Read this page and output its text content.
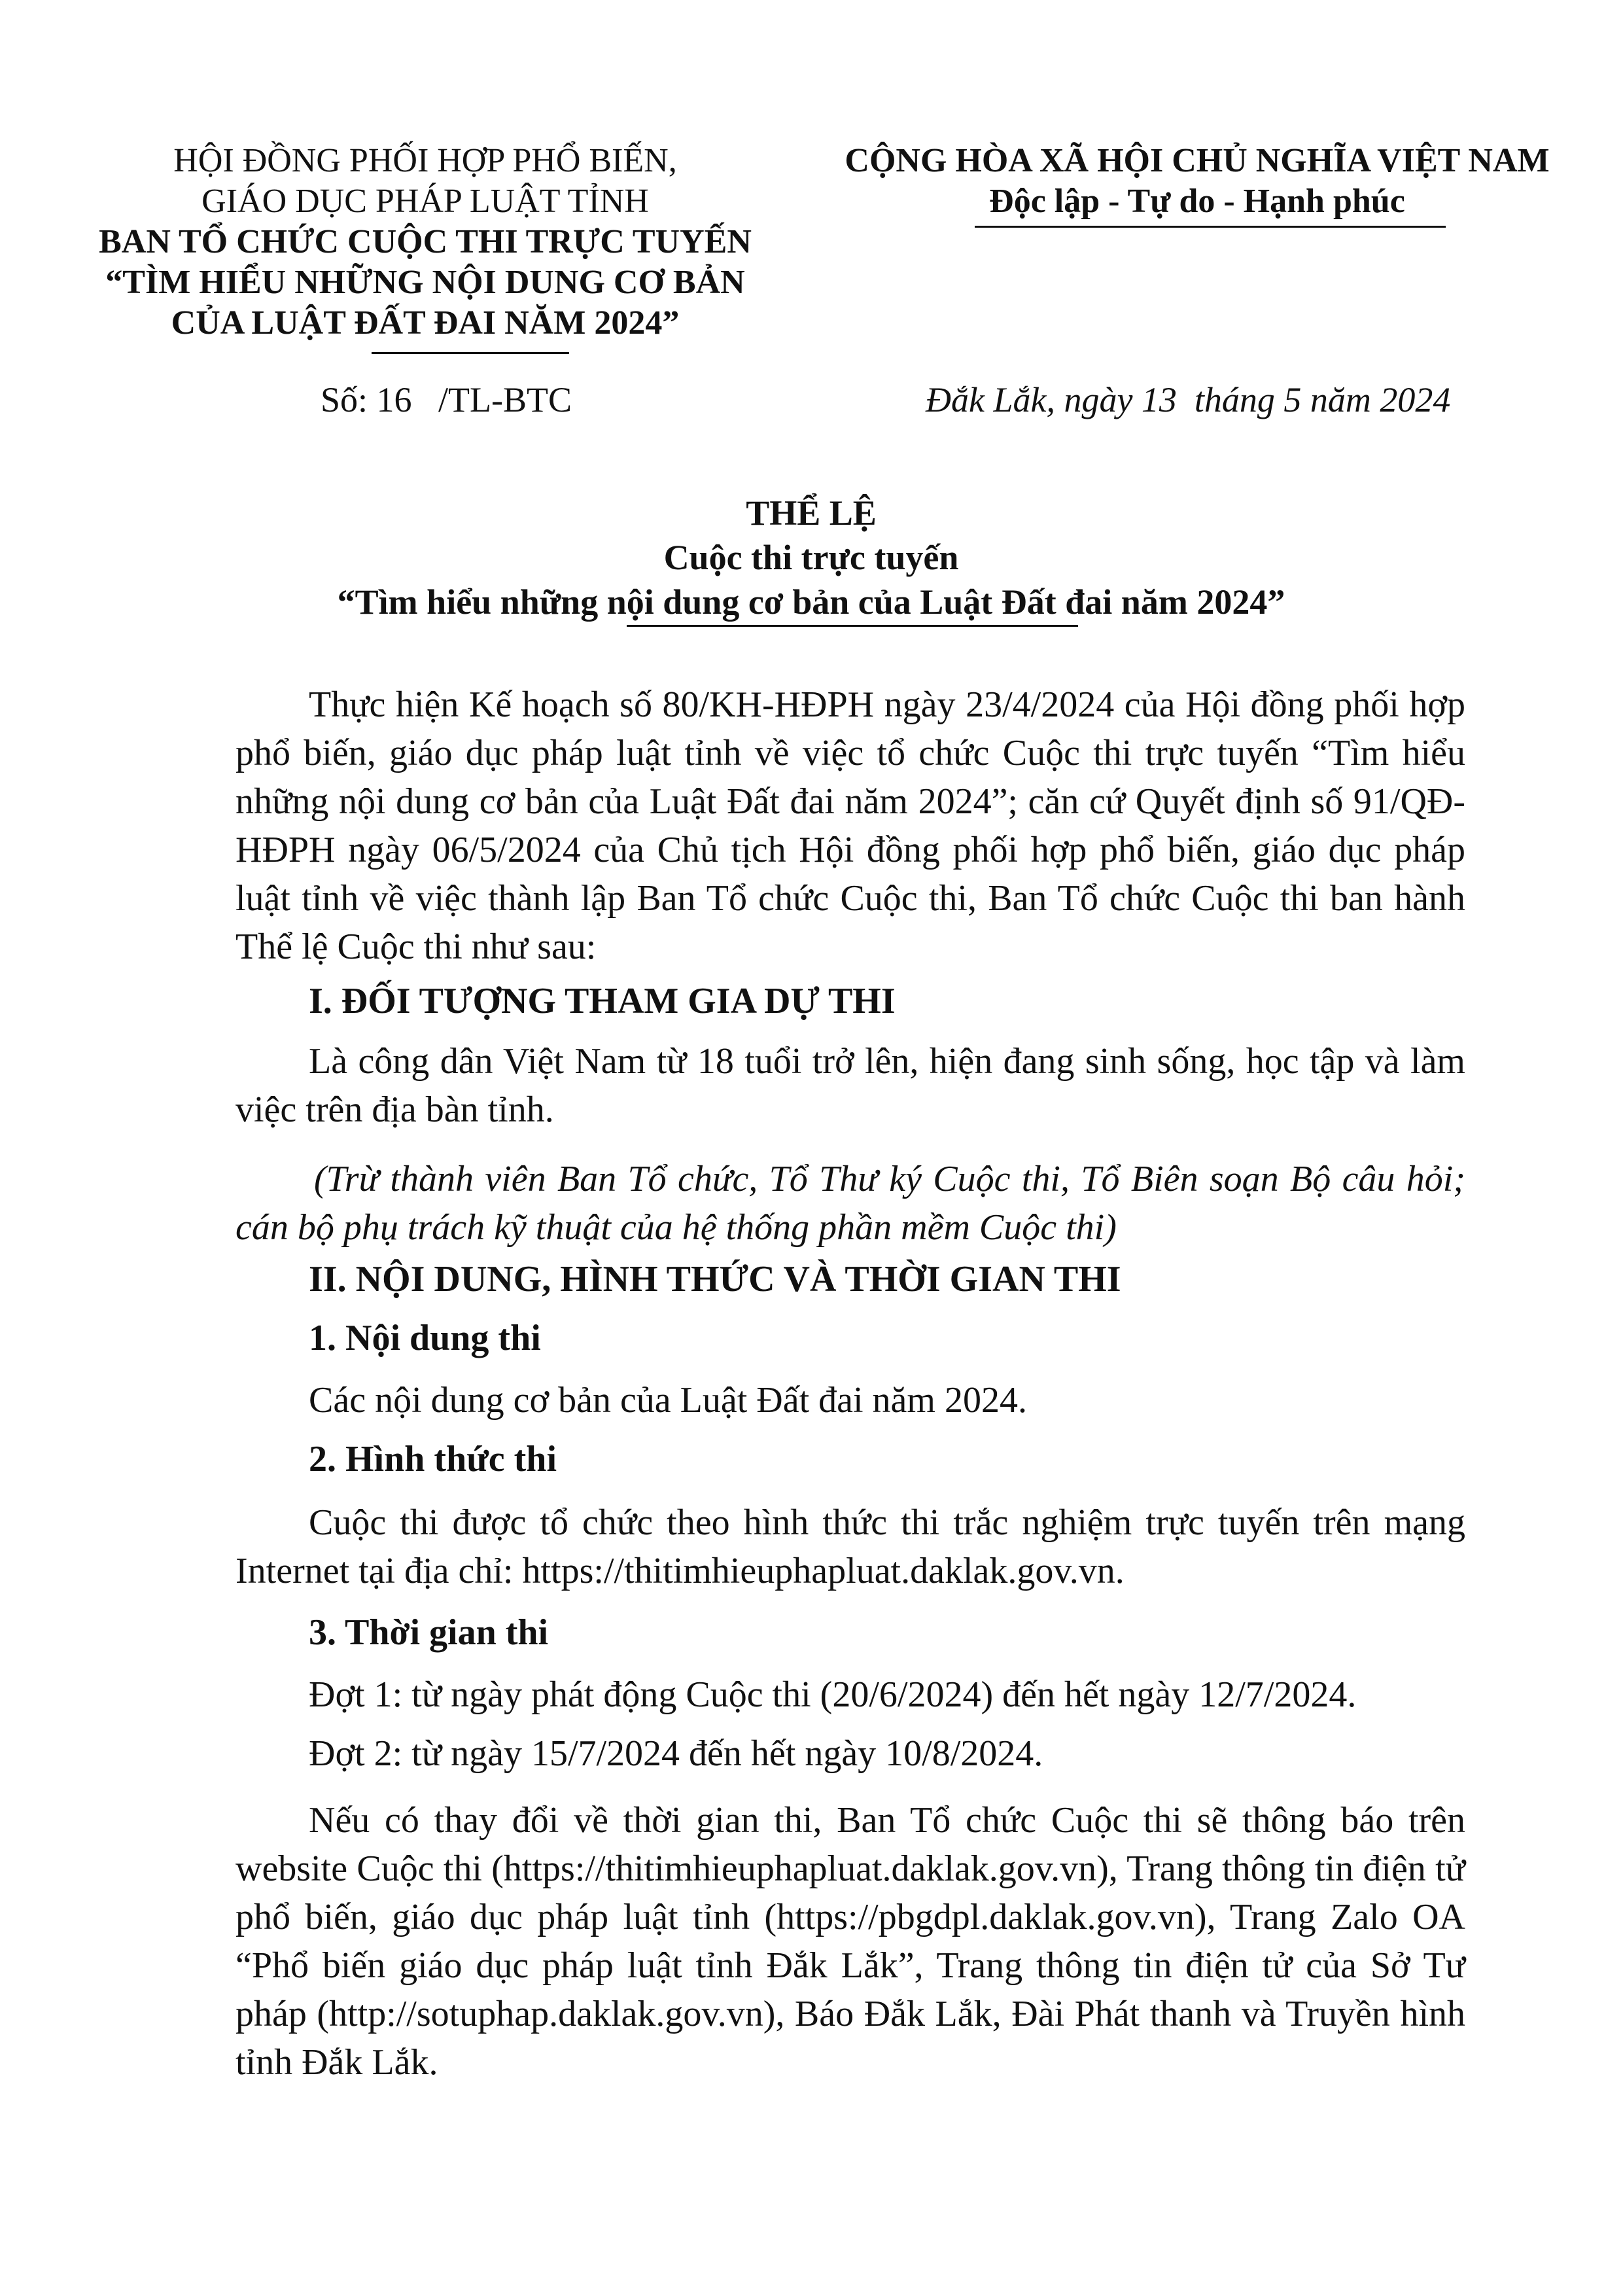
HỘI ĐỒNG PHỐI HỢP PHỔ BIẾN,
GIÁO DỤC PHÁP LUẬT TỈNH
BAN TỔ CHỨC CUỘC THI TRỰC TUYẾN
“TÌM HIỂU NHỮNG NỘI DUNG CƠ BẢN
CỦA LUẬT ĐẤT ĐAI NĂM 2024”
CỘNG HÒA XÃ HỘI CHỦ NGHĨA VIỆT NAM
Độc lập - Tự do - Hạnh phúc
Số: 16   /TL-BTC	Đắk Lắk, ngày 13  tháng 5 năm 2024
THỂ LỆ
Cuộc thi trực tuyến
“Tìm hiểu những nội dung cơ bản của Luật Đất đai năm 2024”
Thực hiện Kế hoạch số 80/KH-HĐPH ngày 23/4/2024 của Hội đồng phối hợp phổ biến, giáo dục pháp luật tỉnh về việc tổ chức Cuộc thi trực tuyến “Tìm hiểu những nội dung cơ bản của Luật Đất đai năm 2024”; căn cứ Quyết định số 91/QĐ-HĐPH ngày 06/5/2024 của Chủ tịch Hội đồng phối hợp phổ biến, giáo dục pháp luật tỉnh về việc thành lập Ban Tổ chức Cuộc thi, Ban Tổ chức Cuộc thi ban hành Thể lệ Cuộc thi như sau:
I. ĐỐI TƯỢNG THAM GIA DỰ THI
Là công dân Việt Nam từ 18 tuổi trở lên, hiện đang sinh sống, học tập và làm việc trên địa bàn tỉnh.
(Trừ thành viên Ban Tổ chức, Tổ Thư ký Cuộc thi, Tổ Biên soạn Bộ câu hỏi; cán bộ phụ trách kỹ thuật của hệ thống phần mềm Cuộc thi)
II. NỘI DUNG, HÌNH THỨC VÀ THỜI GIAN THI
1. Nội dung thi
Các nội dung cơ bản của Luật Đất đai năm 2024.
2. Hình thức thi
Cuộc thi được tổ chức theo hình thức thi trắc nghiệm trực tuyến trên mạng Internet tại địa chỉ: https://thitimhieuphapluat.daklak.gov.vn.
3. Thời gian thi
Đợt 1: từ ngày phát động Cuộc thi (20/6/2024) đến hết ngày 12/7/2024.
Đợt 2: từ ngày 15/7/2024 đến hết ngày 10/8/2024.
Nếu có thay đổi về thời gian thi, Ban Tổ chức Cuộc thi sẽ thông báo trên website Cuộc thi (https://thitimhieuphapluat.daklak.gov.vn), Trang thông tin điện tử phổ biến, giáo dục pháp luật tỉnh (https://pbgdpl.daklak.gov.vn), Trang Zalo OA “Phổ biến giáo dục pháp luật tỉnh Đắk Lắk”, Trang thông tin điện tử của Sở Tư pháp (http://sotuphap.daklak.gov.vn), Báo Đắk Lắk, Đài Phát thanh và Truyền hình tỉnh Đắk Lắk.
